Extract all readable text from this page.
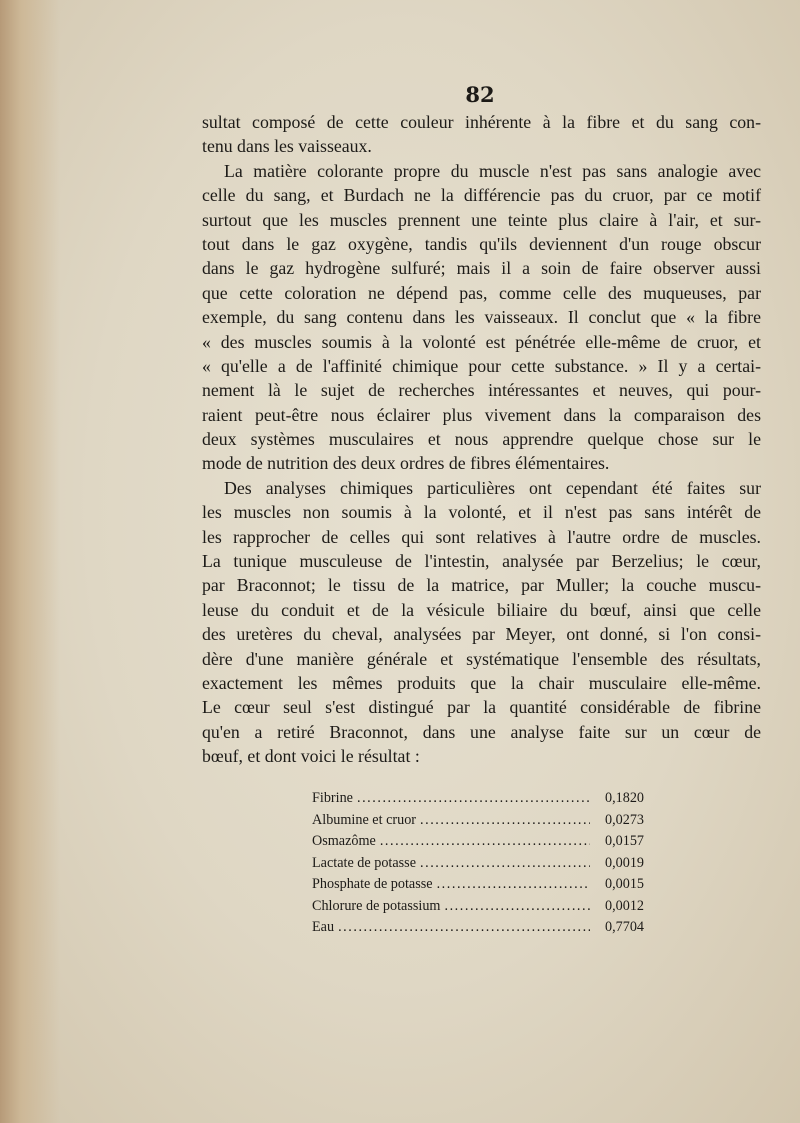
82
sultat composé de cette couleur inhérente à la fibre et du sang con-
tenu dans les vaisseaux.
La matière colorante propre du muscle n'est pas sans analogie avec
celle du sang, et Burdach ne la différencie pas du cruor, par ce motif
surtout que les muscles prennent une teinte plus claire à l'air, et sur-
tout dans le gaz oxygène, tandis qu'ils deviennent d'un rouge obscur
dans le gaz hydrogène sulfuré; mais il a soin de faire observer aussi
que cette coloration ne dépend pas, comme celle des muqueuses, par
exemple, du sang contenu dans les vaisseaux. Il conclut que « la fibre
« des muscles soumis à la volonté est pénétrée elle-même de cruor, et
« qu'elle a de l'affinité chimique pour cette substance. » Il y a certai-
nement là le sujet de recherches intéressantes et neuves, qui pour-
raient peut-être nous éclairer plus vivement dans la comparaison des
deux systèmes musculaires et nous apprendre quelque chose sur le
mode de nutrition des deux ordres de fibres élémentaires.
Des analyses chimiques particulières ont cependant été faites sur
les muscles non soumis à la volonté, et il n'est pas sans intérêt de
les rapprocher de celles qui sont relatives à l'autre ordre de muscles.
La tunique musculeuse de l'intestin, analysée par Berzelius; le cœur,
par Braconnot; le tissu de la matrice, par Muller; la couche muscu-
leuse du conduit et de la vésicule biliaire du bœuf, ainsi que celle
des uretères du cheval, analysées par Meyer, ont donné, si l'on consi-
dère d'une manière générale et systématique l'ensemble des résultats,
exactement les mêmes produits que la chair musculaire elle-même.
Le cœur seul s'est distingué par la quantité considérable de fibrine
qu'en a retiré Braconnot, dans une analyse faite sur un cœur de
bœuf, et dont voici le résultat :
Fibrine . . .	0,1820
Albumine et cruor . . .	0,0273
Osmazôme . . .	0,0157
Lactate de potasse . . .	0,0019
Phosphate de potasse . . .	0,0015
Chlorure de potassium . . .	0,0012
Eau . . .	0,7704
